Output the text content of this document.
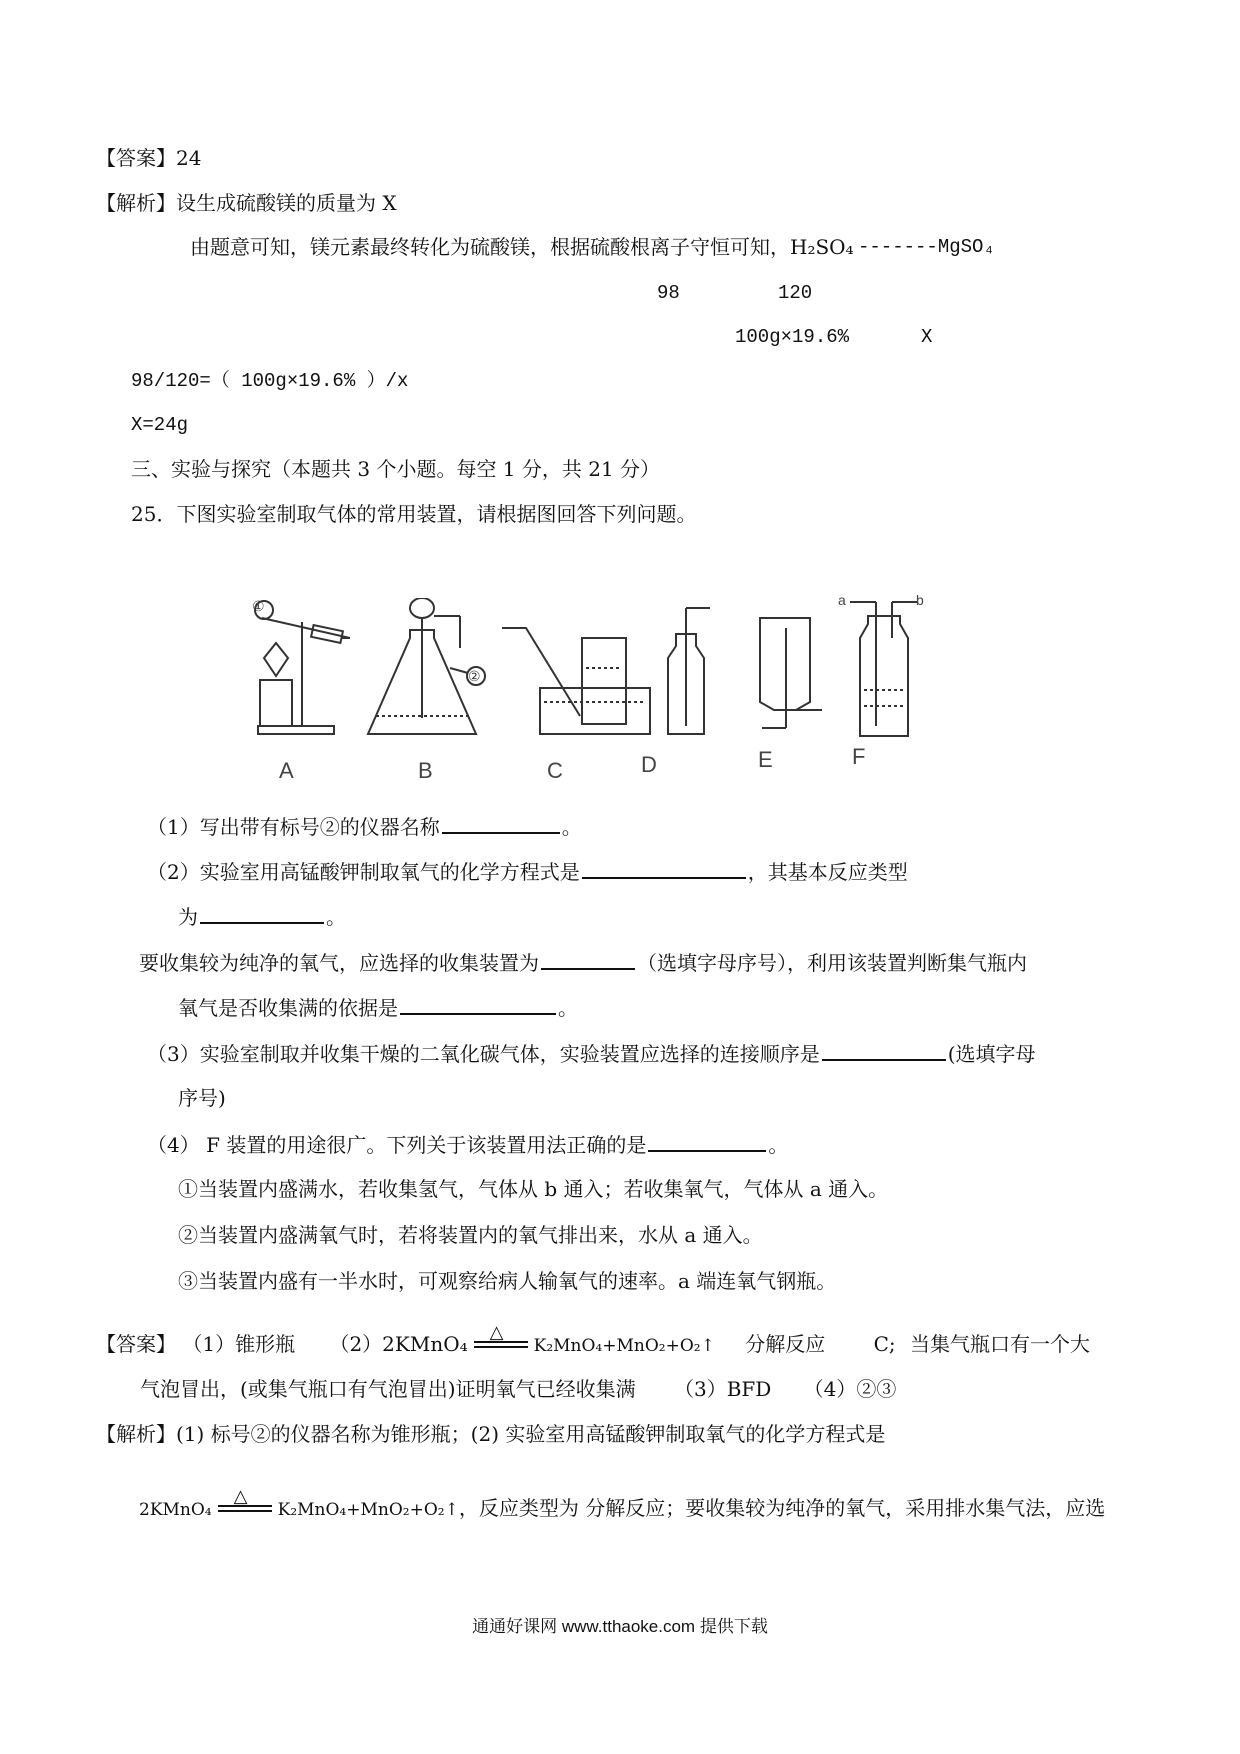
【答案】24
【解析】设生成硫酸镁的质量为 X
由题意可知，镁元素最终转化为硫酸镁，根据硫酸根离子守恒可知，H₂SO₄ -------MgSO₄
98	120
100g×19.6%	X
98/120=（ 100g×19.6% ）/x
X=24g
三、实验与探究（本题共 3 个小题。每空 1 分，共 21 分）
25．下图实验室制取气体的常用装置，请根据图回答下列问题。
①
②
a	b
A	B	C	D	E	F
（1）写出带有标号②的仪器名称	。
（2）实验室用高锰酸钾制取氧气的化学方程式是	，其基本反应类型
为	。
要收集较为纯净的氧气，应选择的收集装置为	（选填字母序号），利用该装置判断集气瓶内
氧气是否收集满的依据是	。
（3）实验室制取并收集干燥的二氧化碳气体，实验装置应选择的连接顺序是	(选填字母
序号)
（4） F 装置的用途很广。下列关于该装置用法正确的是	。
①当装置内盛满水，若收集氢气，气体从 b 通入；若收集氧气，气体从 a 通入。
②当装置内盛满氧气时，若将装置内的氧气排出来，水从 a 通入。
③当装置内盛有一半水时，可观察给病人输氧气的速率。a 端连氧气钢瓶。
【答案】 （1）锥形瓶 （2）2KMnO₄ △
K₂MnO₄+MnO₂+O₂↑ 分解反应 C; 当集气瓶口有一个大
气泡冒出，(或集气瓶口有气泡冒出)证明氧气已经收集满 （3）BFD （4）②③
【解析】(1) 标号②的仪器名称为锥形瓶；(2) 实验室用高锰酸钾制取氧气的化学方程式是
2KMnO₄
△
K₂MnO₄+MnO₂+O₂↑，反应类型为 分解反应；要收集较为纯净的氧气，采用排水集气法，应选
通通好课网 www.tthaoke.com 提供下载
